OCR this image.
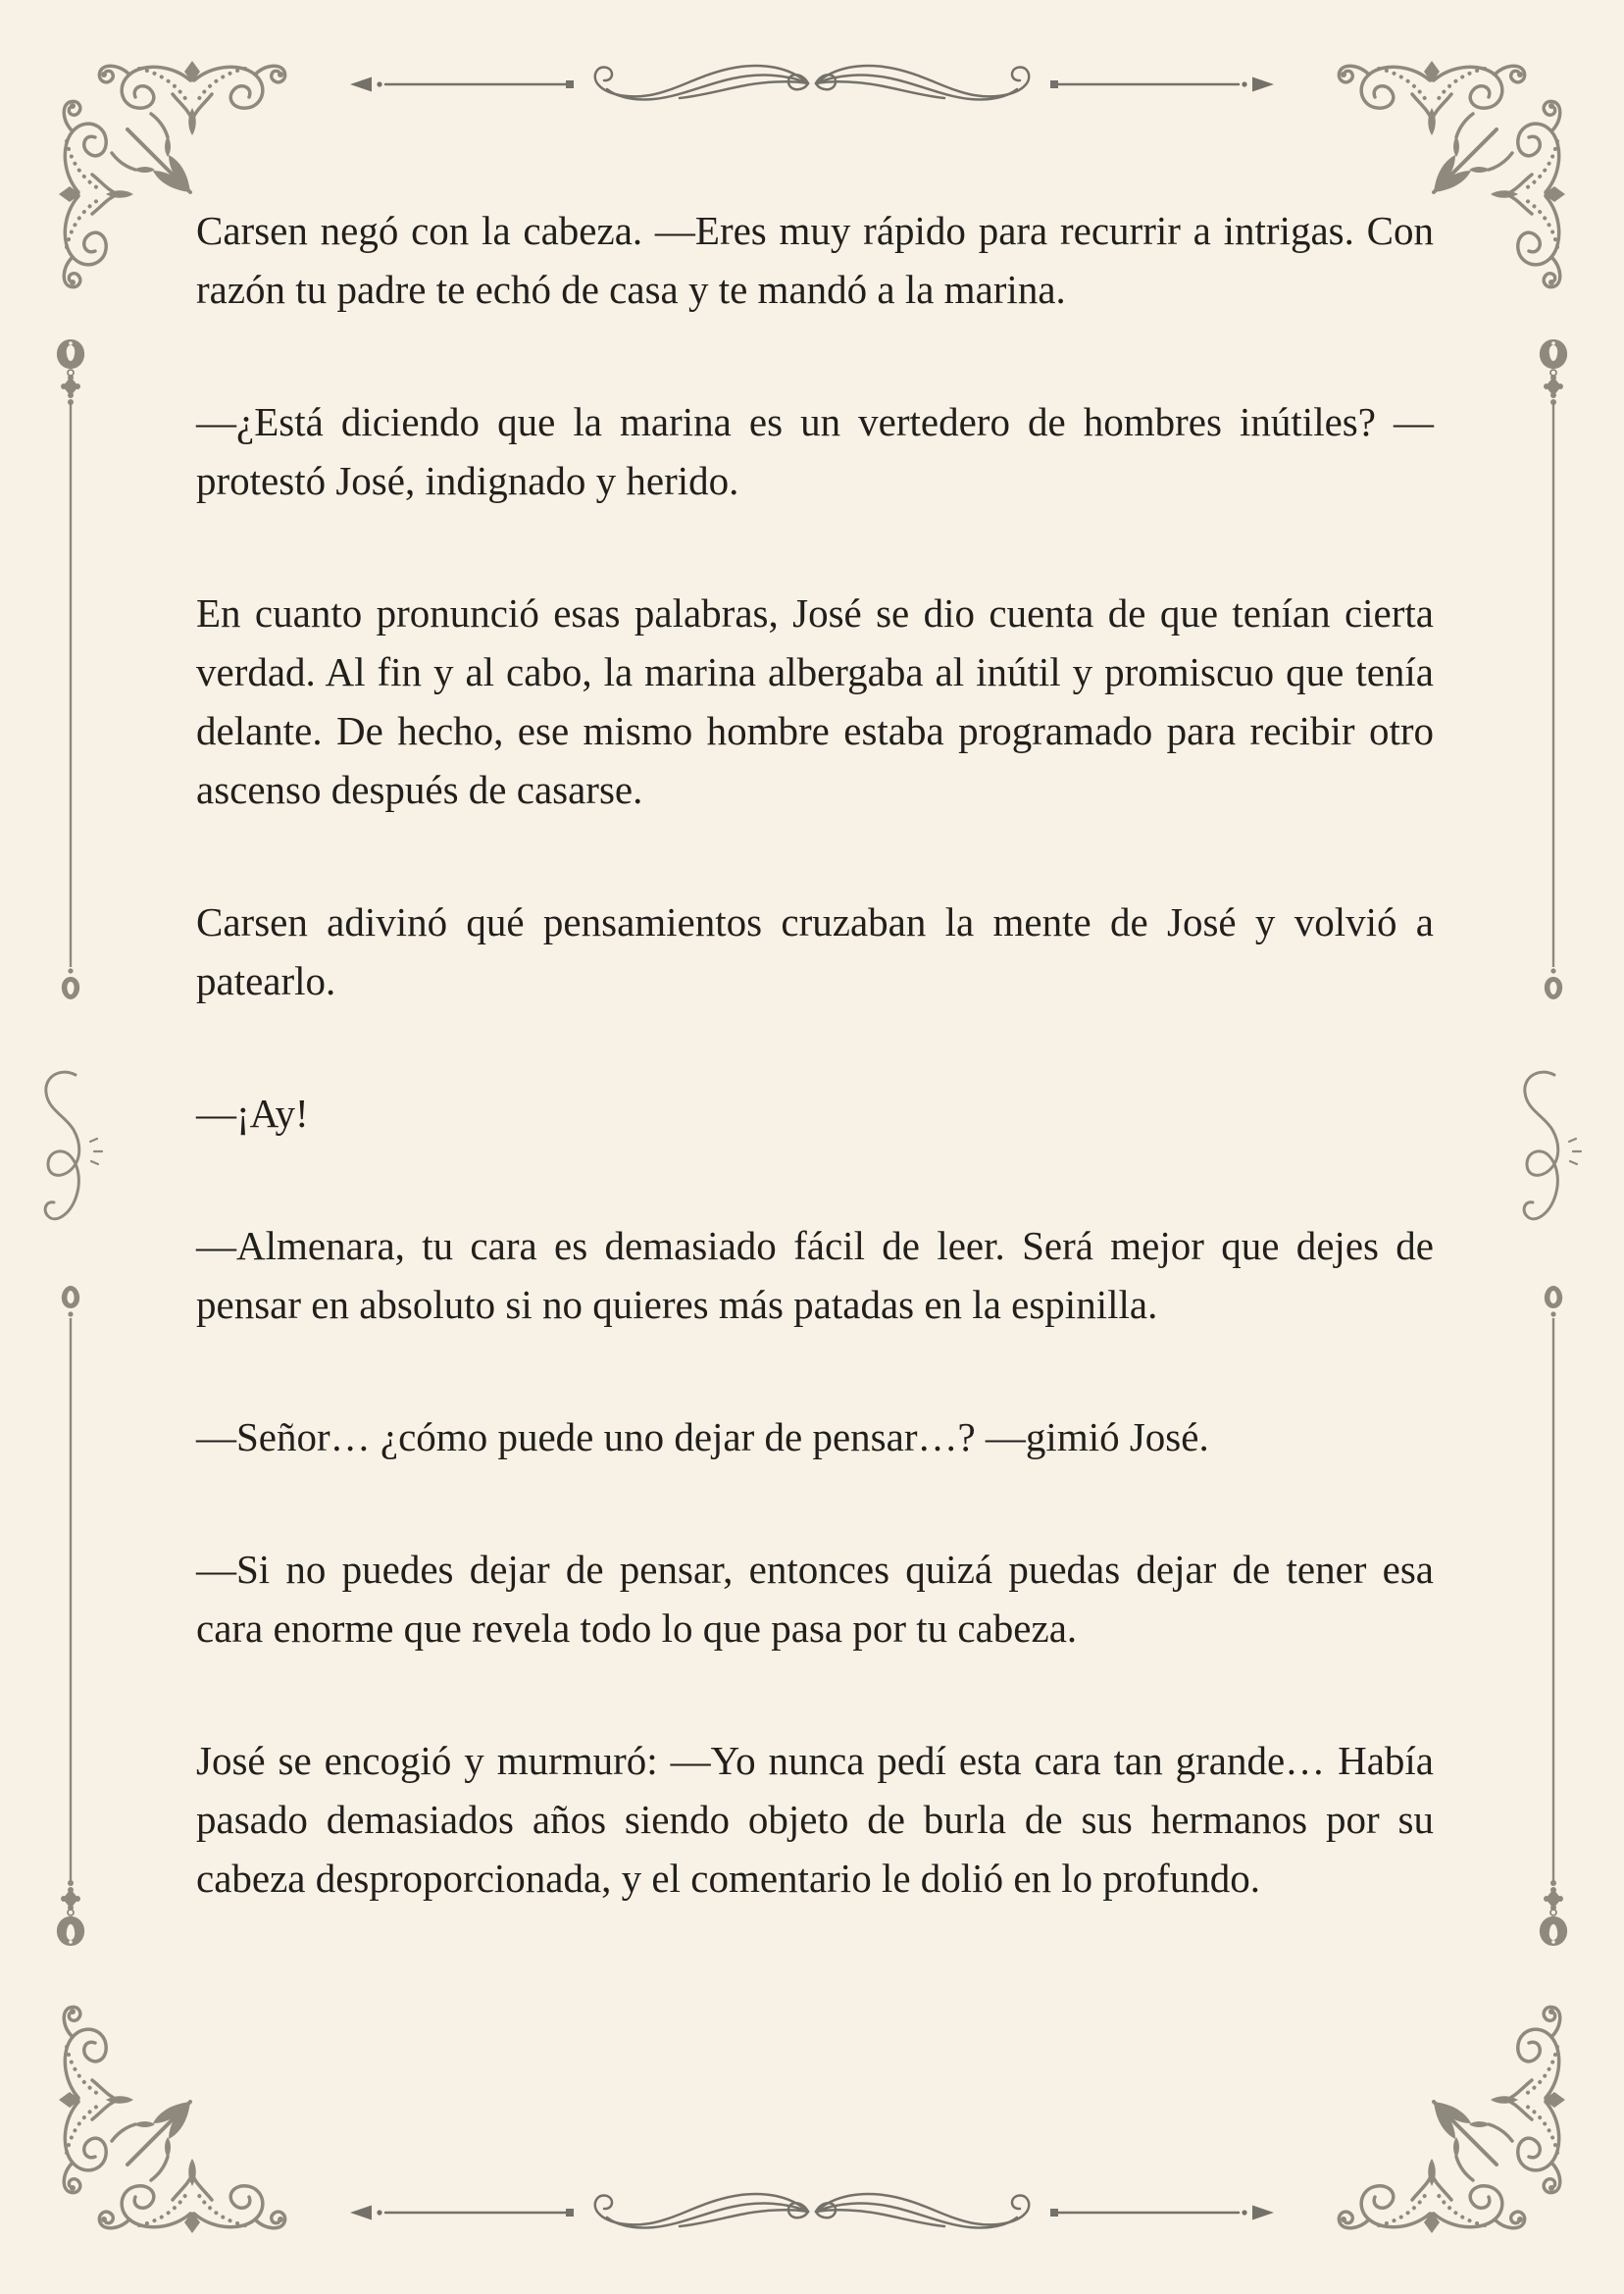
Carsen negó con la cabeza. —Eres muy rápido para recurrir a intrigas. Con razón tu padre te echó de casa y te mandó a la marina.

—¿Está diciendo que la marina es un vertedero de hombres inútiles? —protestó José, indignado y herido.

En cuanto pronunció esas palabras, José se dio cuenta de que tenían cierta verdad. Al fin y al cabo, la marina albergaba al inútil y promiscuo que tenía delante. De hecho, ese mismo hombre estaba programado para recibir otro ascenso después de casarse.

Carsen adivinó qué pensamientos cruzaban la mente de José y volvió a patearlo.

—¡Ay!

—Almenara, tu cara es demasiado fácil de leer. Será mejor que dejes de pensar en absoluto si no quieres más patadas en la espinilla.

—Señor… ¿cómo puede uno dejar de pensar…? —gimió José.

—Si no puedes dejar de pensar, entonces quizá puedas dejar de tener esa cara enorme que revela todo lo que pasa por tu cabeza.

José se encogió y murmuró: —Yo nunca pedí esta cara tan grande… Había pasado demasiados años siendo objeto de burla de sus hermanos por su cabeza desproporcionada, y el comentario le dolió en lo profundo.
